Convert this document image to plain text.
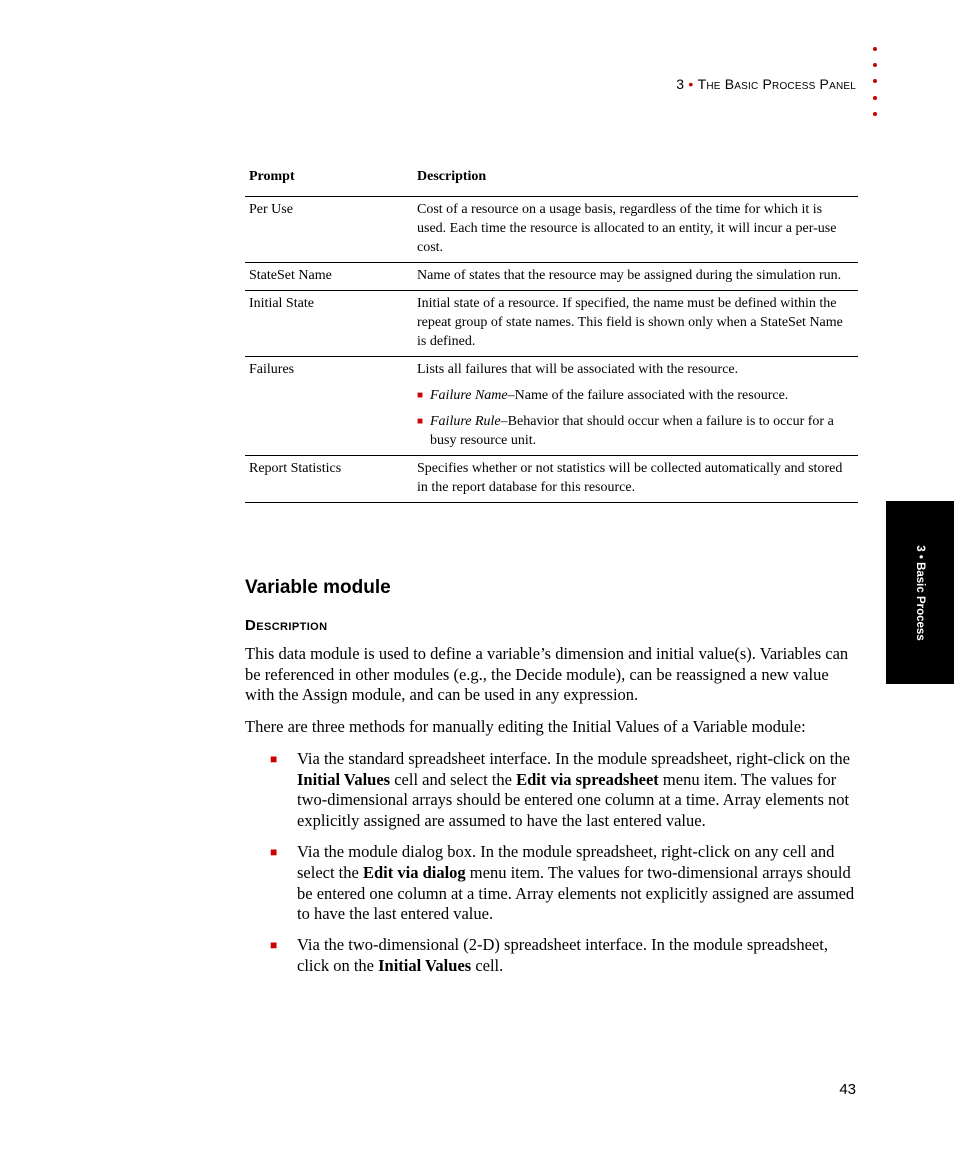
3 • The Basic Process Panel
3 • Basic Process
Prompt	Description
Per Use	Cost of a resource on a usage basis, regardless of the time for which it is used. Each time the resource is allocated to an entity, it will incur a per-use cost.
StateSet Name	Name of states that the resource may be assigned during the simulation run.
Initial State	Initial state of a resource. If specified, the name must be defined within the repeat group of state names. This field is shown only when a StateSet Name is defined.
Failures	Lists all failures that will be associated with the resource.
■ Failure Name–Name of the failure associated with the resource.
■ Failure Rule–Behavior that should occur when a failure is to occur for a busy resource unit.

Report Statistics	Specifies whether or not statistics will be collected automatically and stored in the report database for this resource.
Variable module
Description

This data module is used to define a variable’s dimension and initial value(s). Variables can be referenced in other modules (e.g., the Decide module), can be reassigned a new value with the Assign module, and can be used in any expression.

There are three methods for manually editing the Initial Values of a Variable module:

■	Via the standard spreadsheet interface. In the module spreadsheet, right-click on the Initial Values cell and select the Edit via spreadsheet menu item. The values for two-dimensional arrays should be entered one column at a time. Array elements not explicitly assigned are assumed to have the last entered value.
■	Via the module dialog box. In the module spreadsheet, right-click on any cell and select the Edit via dialog menu item. The values for two-dimensional arrays should be entered one column at a time. Array elements not explicitly assigned are assumed to have the last entered value.
■	Via the two-dimensional (2-D) spreadsheet interface. In the module spreadsheet, click on the Initial Values cell.
43
